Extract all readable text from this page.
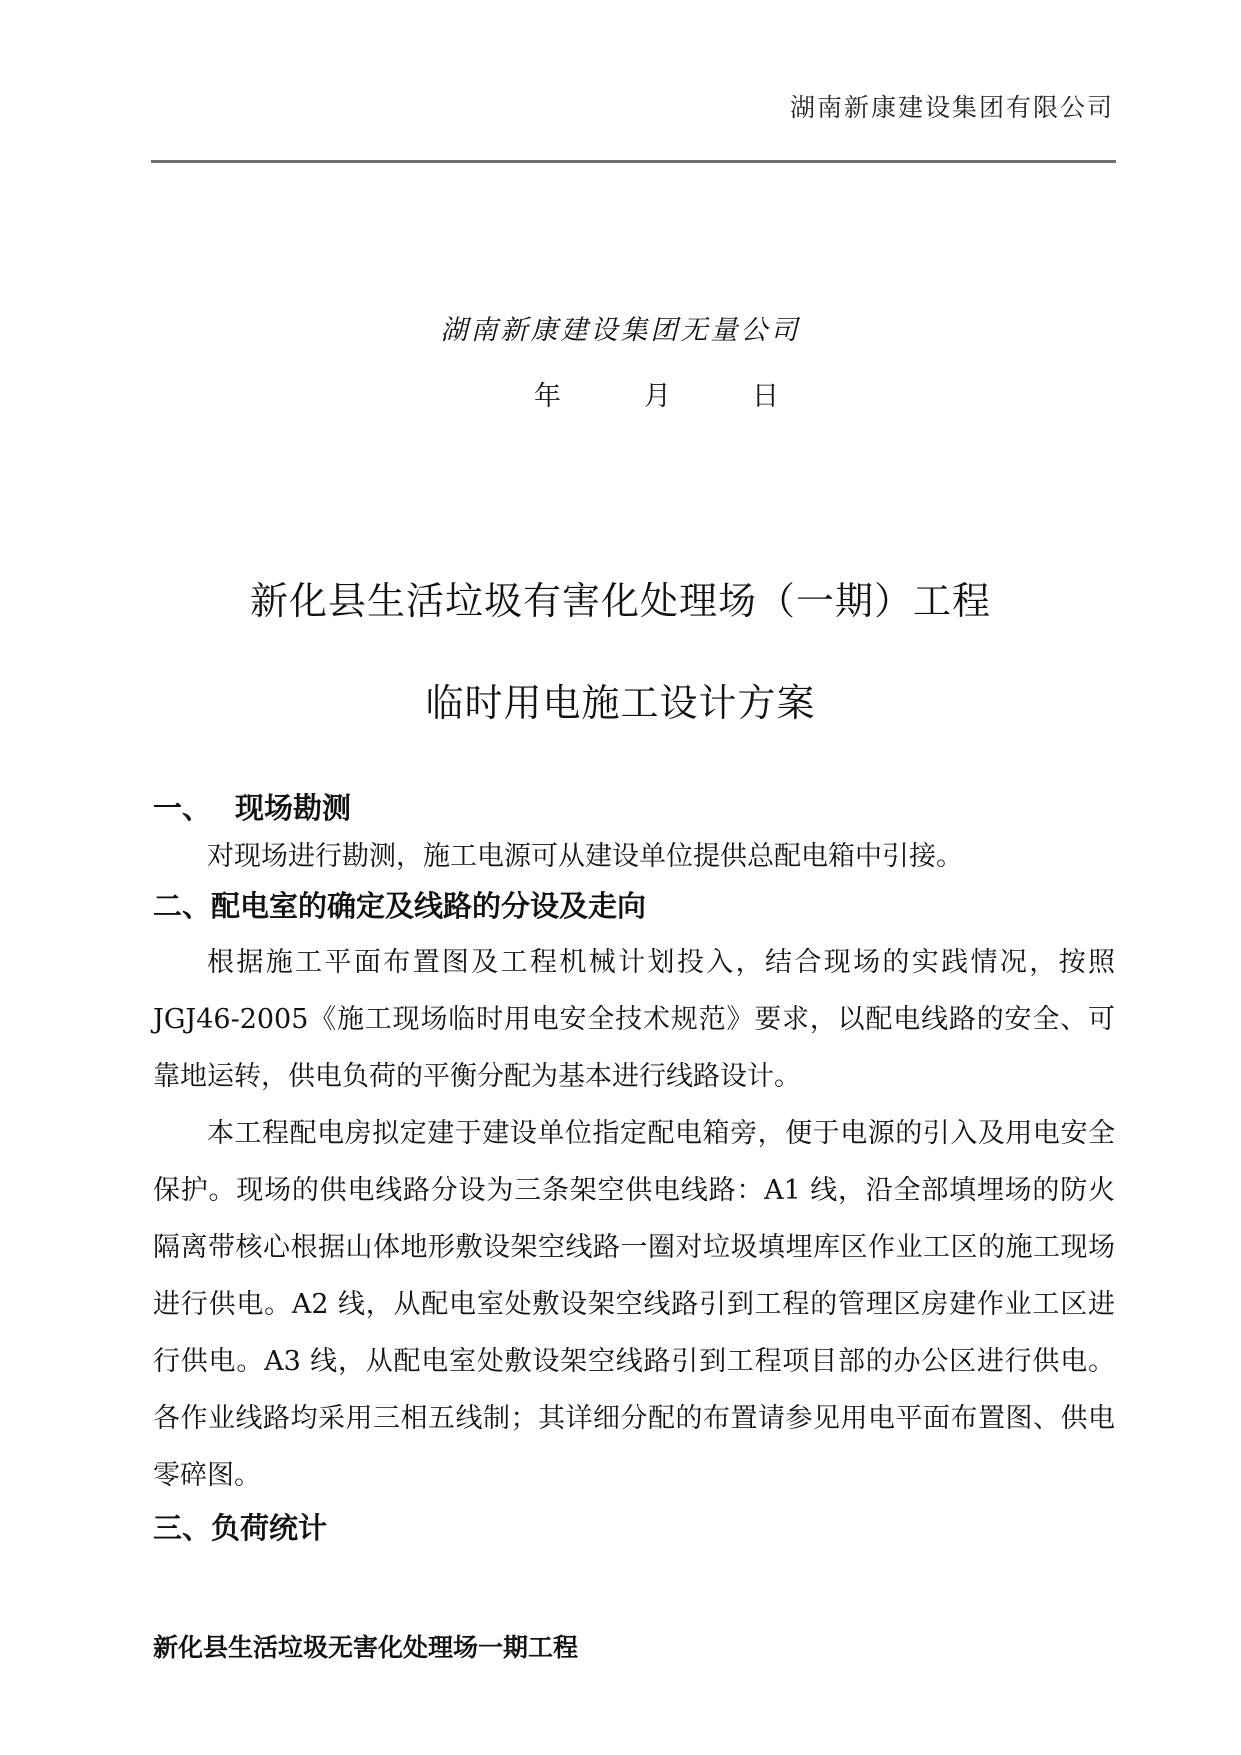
湖南新康建设集团有限公司
湖南新康建设集团无量公司
年	月	日
新化县生活垃圾有害化处理场（一期）工程
临时用电施工设计方案
一、 现场勘测

对现场进行勘测，施工电源可从建设单位提供总配电箱中引接。

二、配电室的确定及线路的分设及走向

根据施工平面布置图及工程机械计划投入，结合现场的实践情况，按照 JGJ46-2005《施工现场临时用电安全技术规范》要求，以配电线路的安全、可靠地运转，供电负荷的平衡分配为基本进行线路设计。

本工程配电房拟定建于建设单位指定配电箱旁，便于电源的引入及用电安全保护。现场的供电线路分设为三条架空供电线路：A1 线，沿全部填埋场的防火隔离带核心根据山体地形敷设架空线路一圈对垃圾填埋库区作业工区的施工现场进行供电。A2 线，从配电室处敷设架空线路引到工程的管理区房建作业工区进行供电。A3 线，从配电室处敷设架空线路引到工程项目部的办公区进行供电。各作业线路均采用三相五线制；其详细分配的布置请参见用电平面布置图、供电零碎图。

三、负荷统计

新化县生活垃圾无害化处理场一期工程
